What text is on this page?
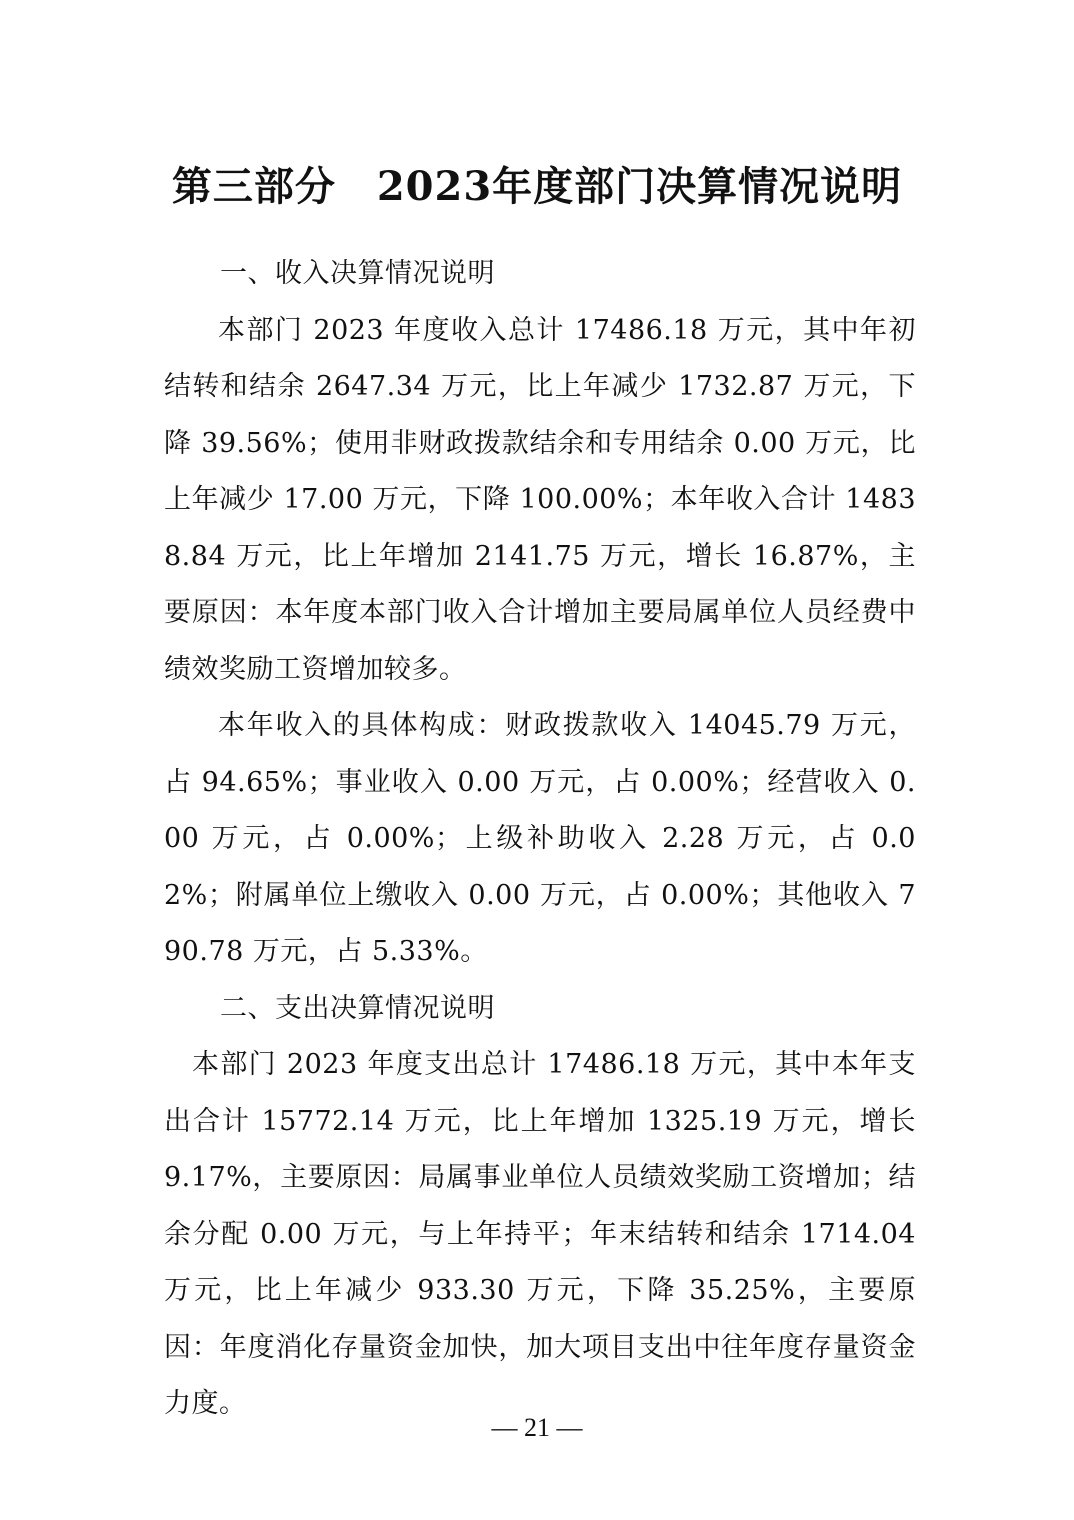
第三部分　2023年度部门决算情况说明
一、收入决算情况说明

本部门 2023 年度收入总计 17486.18 万元，其中年初结转和结余 2647.34 万元，比上年减少 1732.87 万元，下降 39.56%；使用非财政拨款结余和专用结余 0.00 万元，比上年减少 17.00 万元，下降 100.00%；本年收入合计 14838.84 万元，比上年增加 2141.75 万元，增长 16.87%，主要原因：本年度本部门收入合计增加主要局属单位人员经费中绩效奖励工资增加较多。

本年收入的具体构成：财政拨款收入 14045.79 万元，占 94.65%；事业收入 0.00 万元，占 0.00%；经营收入 0.00 万元，占 0.00%；上级补助收入 2.28 万元，占 0.02%；附属单位上缴收入 0.00 万元，占 0.00%；其他收入 790.78 万元，占 5.33%。

二、支出决算情况说明

本部门 2023 年度支出总计 17486.18 万元，其中本年支出合计 15772.14 万元，比上年增加 1325.19 万元，增长 9.17%，主要原因：局属事业单位人员绩效奖励工资增加；结余分配 0.00 万元，与上年持平；年末结转和结余 1714.04 万元，比上年减少 933.30 万元，下降 35.25%，主要原因：年度消化存量资金加快，加大项目支出中往年度存量资金力度。

— 21 —
